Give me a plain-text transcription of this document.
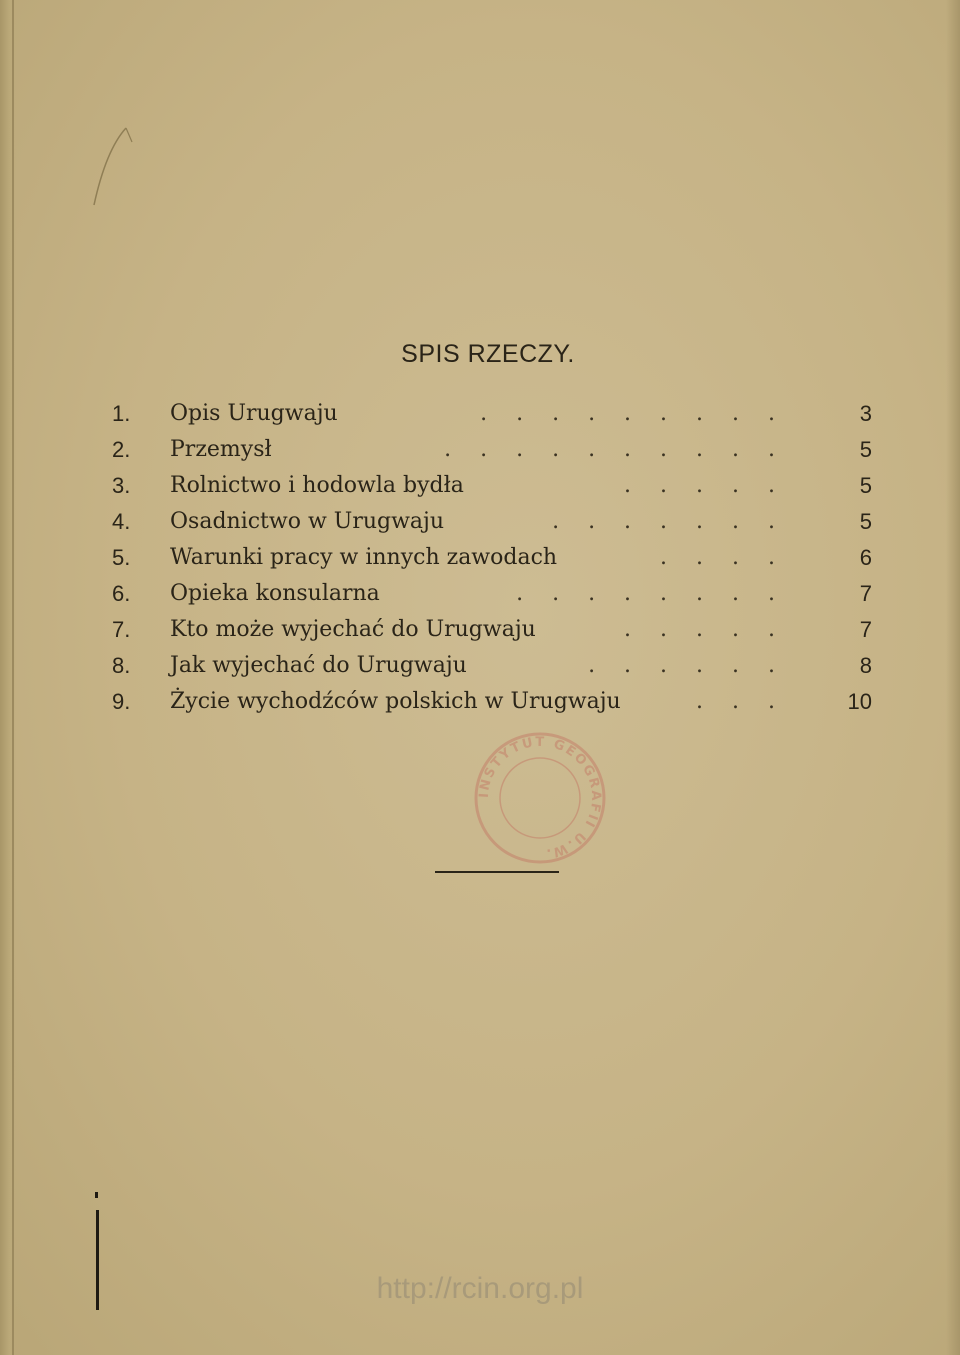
SPIS RZECZY.
1.	Opis Urugwaju	. . . . . . . . .	3
2.	Przemysł	. . . . . . . . . .	5
3.	Rolnictwo i hodowla bydła	. . . . .	5
4.	Osadnictwo w Urugwaju	. . . . . . .	5
5.	Warunki pracy w innych zawodach	. . . .	6
6.	Opieka konsularna	. . . . . . . .	7
7.	Kto może wyjechać do Urugwaju	. . . . .	7
8.	Jak wyjechać do Urugwaju	. . . . . .	8
9.	Życie wychodźców polskich w Urugwaju	. . .	10
INSTYTUT GEOGRAFII U.W.
http://rcin.org.pl
